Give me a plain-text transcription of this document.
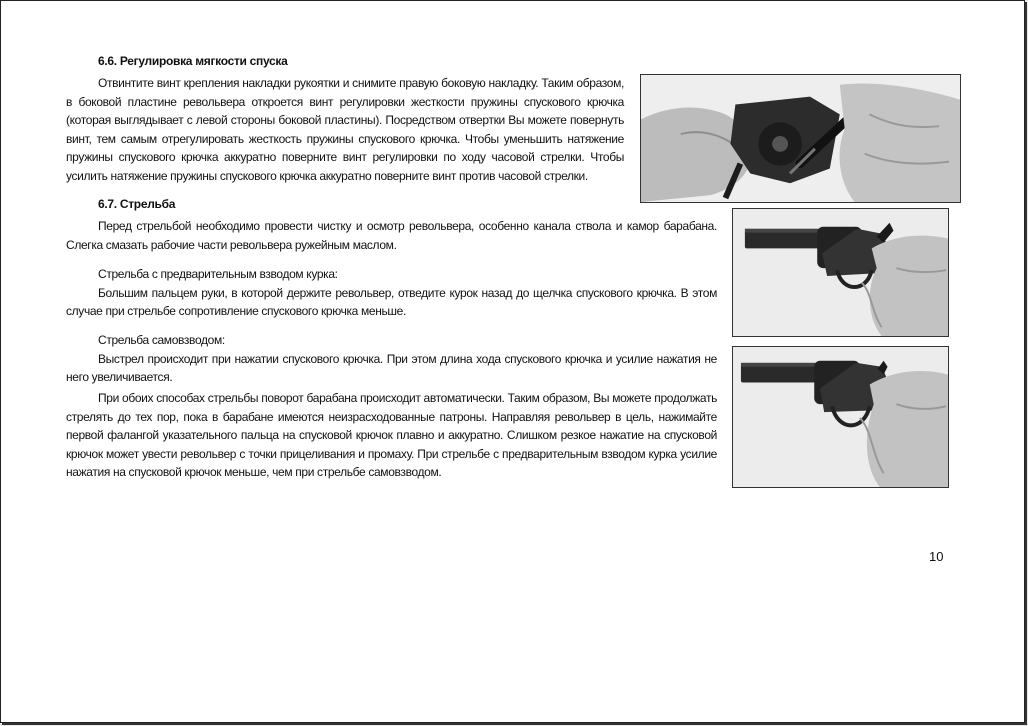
6.6. Регулировка мягкости спуска

Отвинтите винт крепления накладки рукоятки и снимите правую боковую накладку. Таким образом, в боковой пластине револьвера откроется винт регулировки жесткости пружины спускового крючка (которая выглядывает с левой стороны боковой пластины). Посредством отвертки Вы можете повернуть винт, тем самым отрегулировать жесткость пружины спускового крючка. Чтобы уменьшить натяжение пружины спускового крючка аккуратно поверните винт регулировки по ходу часовой стрелки. Чтобы усилить натяжение пружины спускового крючка аккуратно поверните винт против часовой стрелки.

6.7. Стрельба

Перед стрельбой необходимо провести чистку и осмотр револьвера, особенно канала ствола и камор барабана. Слегка смазать рабочие части револьвера ружейным маслом.

Стрельба с предварительным взводом курка:

Большим пальцем руки, в которой держите револьвер, отведите курок назад до щелчка спускового крючка. В этом случае при стрельбе сопротивление спускового крючка меньше.

Стрельба самовзводом:

Выстрел происходит при нажатии спускового крючка. При этом длина хода спускового крючка и усилие нажатия не него увеличивается.

При обоих способах стрельбы поворот барабана происходит автоматически. Таким образом, Вы можете продолжать стрелять до тех пор, пока в барабане имеются неизрасходованные патроны. Направляя револьвер в цель, нажимайте первой фалангой указательного пальца на спусковой крючок плавно и аккуратно. Слишком резкое нажатие на спусковой крючок может увести револьвер с точки прицеливания и промаху. При стрельбе с предварительным взводом курка усилие нажатия на спусковой крючок меньше, чем при стрельбе самовзводом.

10
